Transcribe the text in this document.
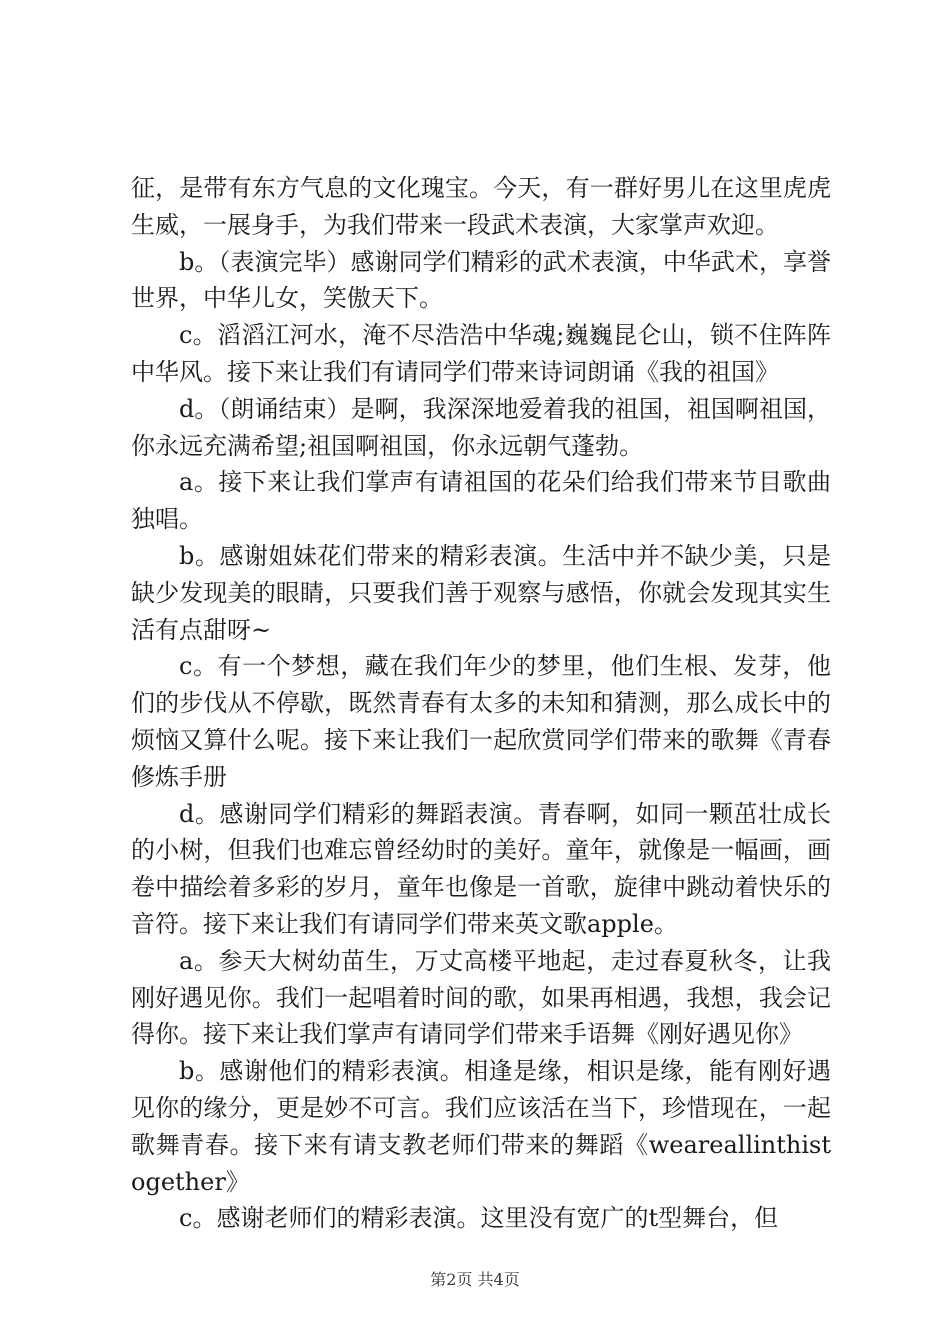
征，是带有东方气息的文化瑰宝。今天，有一群好男儿在这里虎虎生威，一展身手，为我们带来一段武术表演，大家掌声欢迎。

b。（表演完毕）感谢同学们精彩的武术表演，中华武术，享誉世界，中华儿女，笑傲天下。

c。滔滔江河水，淹不尽浩浩中华魂;巍巍昆仑山，锁不住阵阵中华风。接下来让我们有请同学们带来诗词朗诵《我的祖国》

d。（朗诵结束）是啊，我深深地爱着我的祖国，祖国啊祖国，你永远充满希望;祖国啊祖国，你永远朝气蓬勃。

a。接下来让我们掌声有请祖国的花朵们给我们带来节目歌曲独唱。

b。感谢姐妹花们带来的精彩表演。生活中并不缺少美，只是缺少发现美的眼睛，只要我们善于观察与感悟，你就会发现其实生活有点甜呀~

c。有一个梦想，藏在我们年少的梦里，他们生根、发芽，他们的步伐从不停歇，既然青春有太多的未知和猜测，那么成长中的烦恼又算什么呢。接下来让我们一起欣赏同学们带来的歌舞《青春修炼手册

d。感谢同学们精彩的舞蹈表演。青春啊，如同一颗茁壮成长的小树，但我们也难忘曾经幼时的美好。童年，就像是一幅画，画卷中描绘着多彩的岁月，童年也像是一首歌，旋律中跳动着快乐的音符。接下来让我们有请同学们带来英文歌apple。

a。参天大树幼苗生，万丈高楼平地起，走过春夏秋冬，让我刚好遇见你。我们一起唱着时间的歌，如果再相遇，我想，我会记得你。接下来让我们掌声有请同学们带来手语舞《刚好遇见你》

b。感谢他们的精彩表演。相逢是缘，相识是缘，能有刚好遇见你的缘分，更是妙不可言。我们应该活在当下，珍惜现在，一起歌舞青春。接下来有请支教老师们带来的舞蹈《weareallinthistogether》

c。感谢老师们的精彩表演。这里没有宽广的t型舞台，但

第2页 共4页
